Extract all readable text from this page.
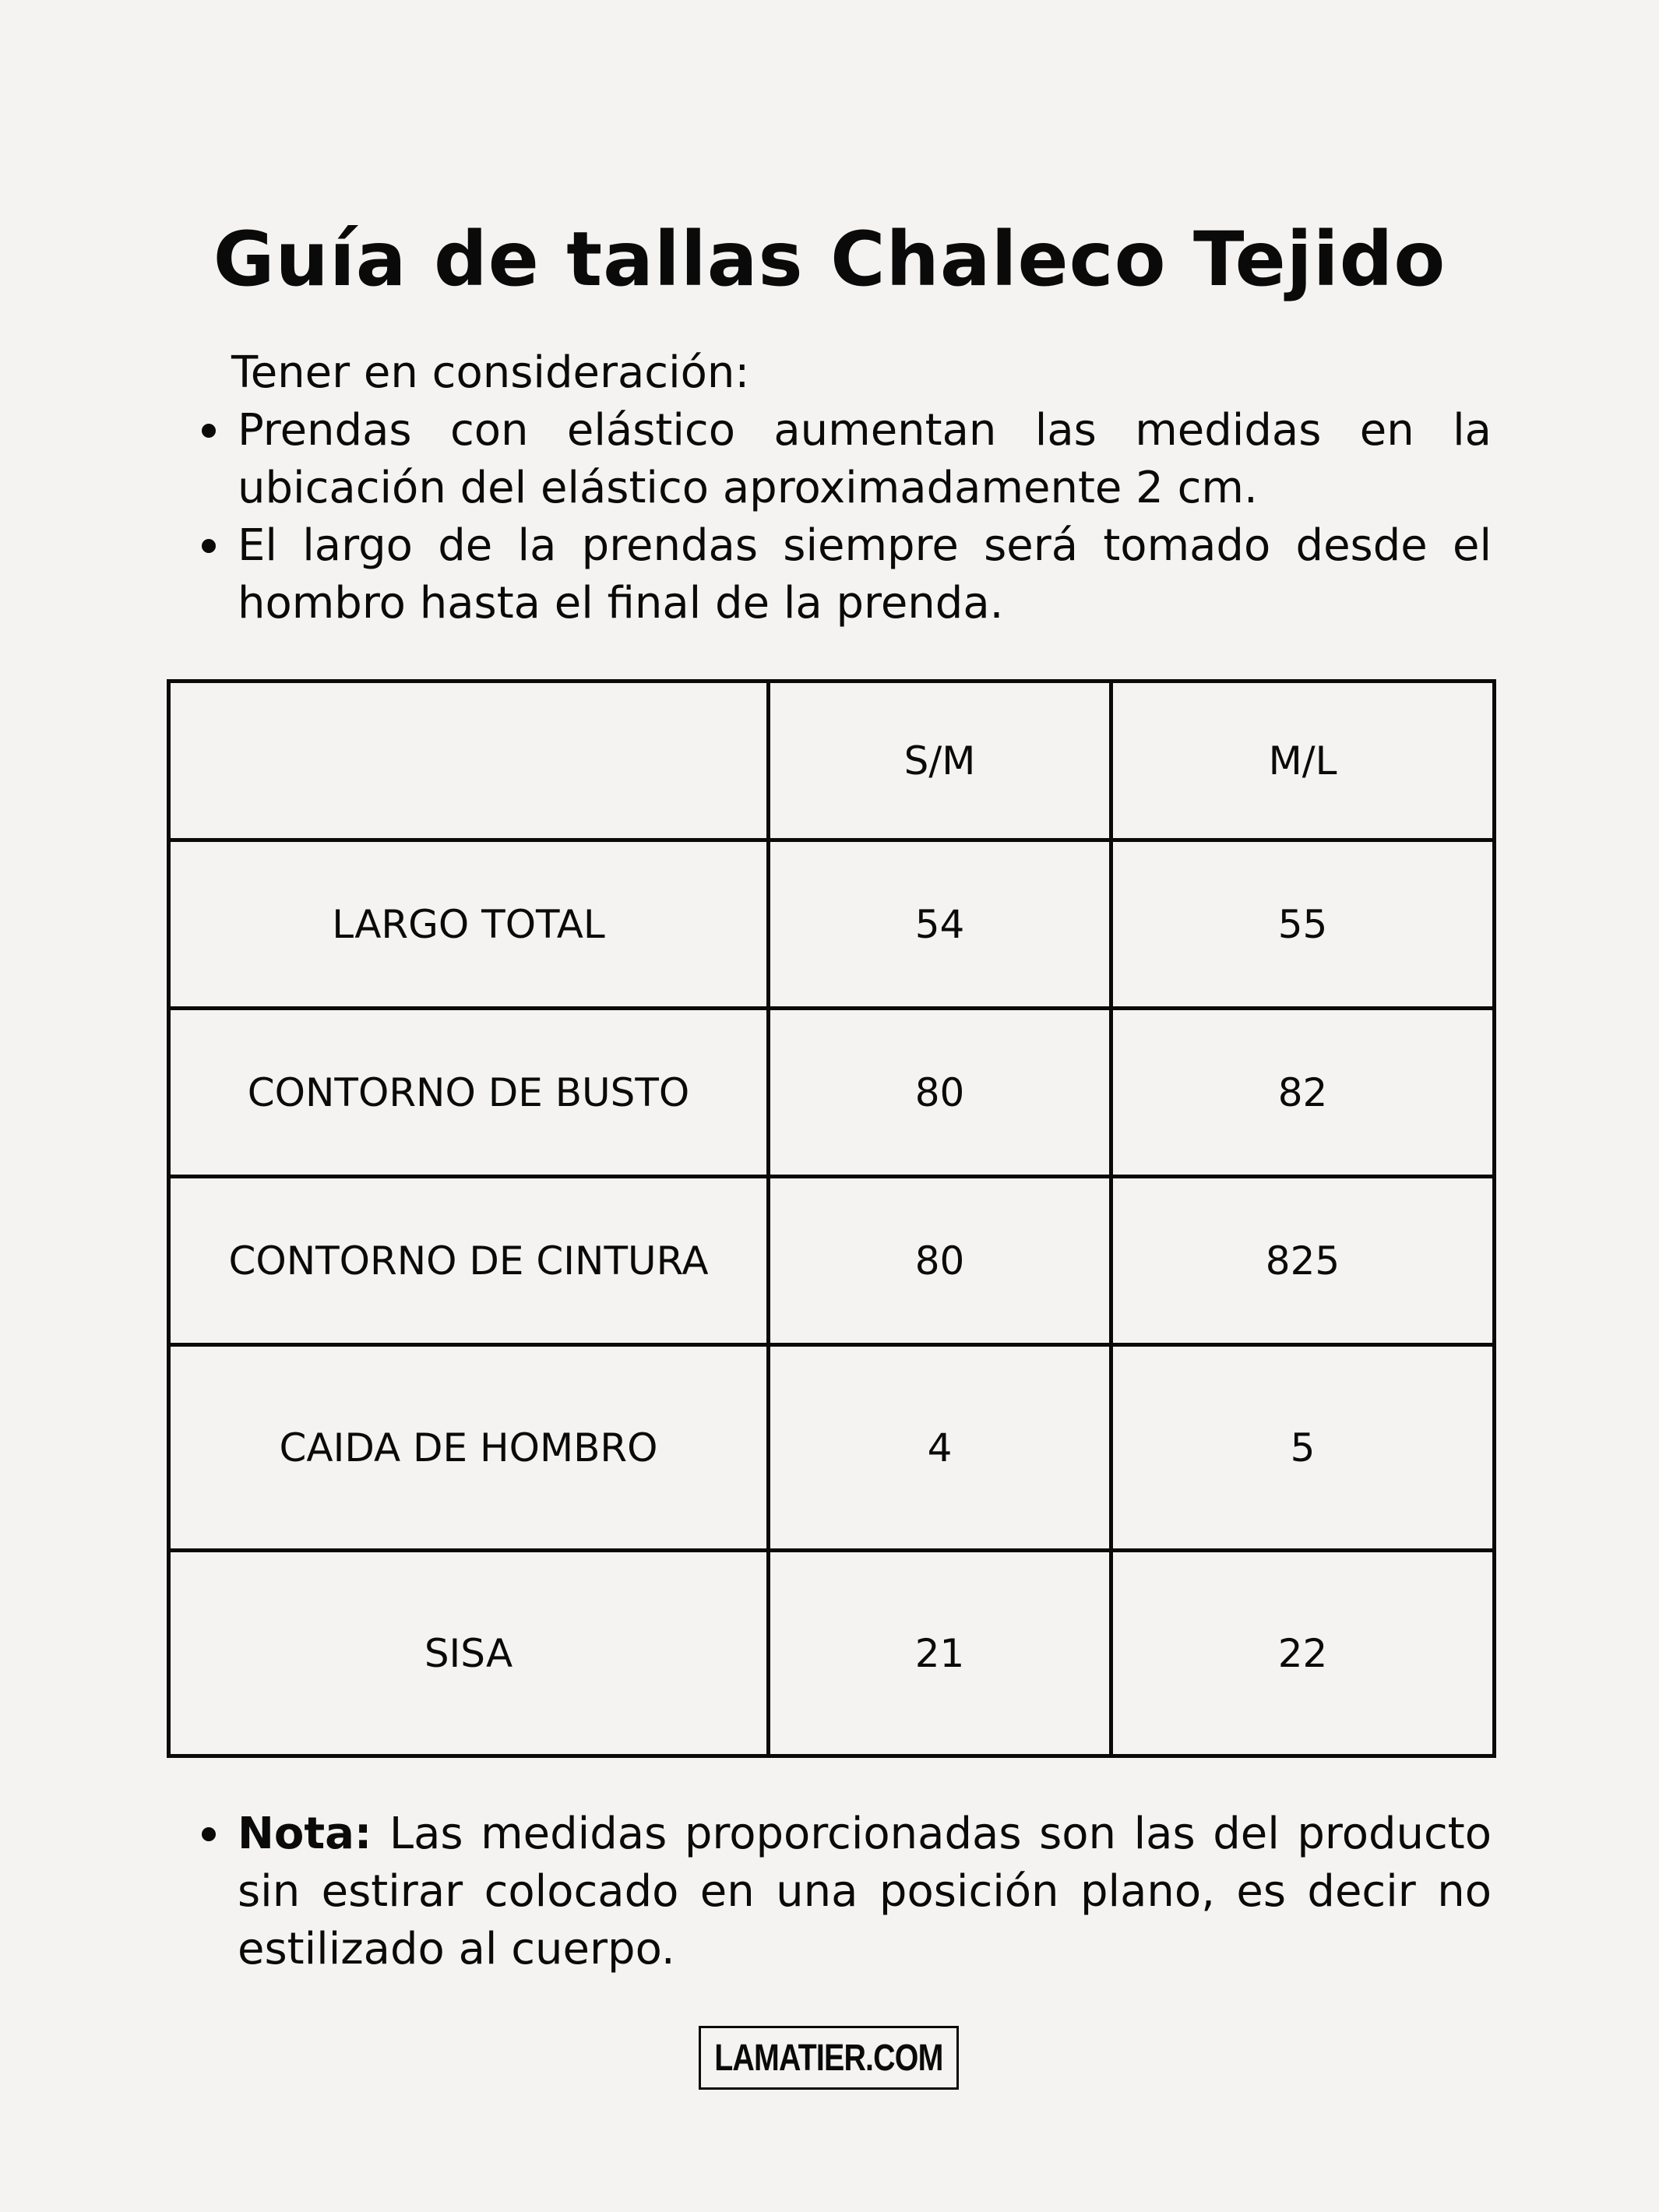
Guía de tallas Chaleco Tejido

Tener en consideración:

Prendas con elástico aumentan las medidas en la ubicación del elástico aproximadamente 2 cm.
El largo de la prendas siempre será tomado desde el hombro hasta el final de la prenda.
	S/M	M/L
LARGO TOTAL	54	55
CONTORNO DE BUSTO	80	82
CONTORNO DE CINTURA	80	825
CAIDA DE HOMBRO	4	5
SISA	21	22
Nota: Las medidas proporcionadas son las del producto sin estirar colocado en una posición plano, es decir no estilizado al cuerpo.
LAMATIER.COM
